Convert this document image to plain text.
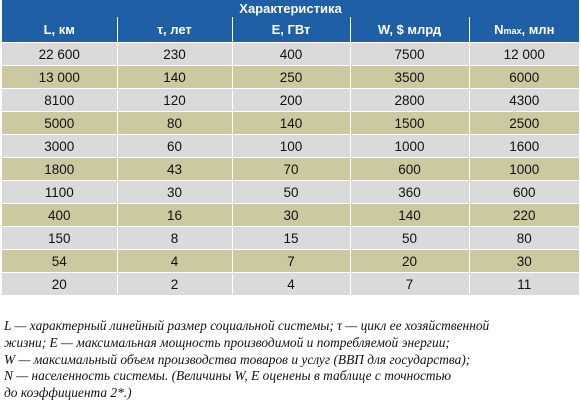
Характеристика
L, км	τ, лет	E, ГВт	W, $ млрд	Nmax, млн
22 600	230	400	7500	12 000
13 000	140	250	3500	6000
8100	120	200	2800	4300
5000	80	140	1500	2500
3000	60	100	1000	1600
1800	43	70	600	1000
1100	30	50	360	600
400	16	30	140	220
150	8	15	50	80
54	4	7	20	30
20	2	4	7	11
L — характерный линейный размер социальной системы; τ — цикл ее хозяйственной
жизни; E — максимальная мощность производимой и потребляемой энергии;
W — максимальный объем производства товаров и услуг (ВВП для государства);
N — населенность системы. (Величины W, E оценены в таблице с точностью
до коэффициента 2*.)
